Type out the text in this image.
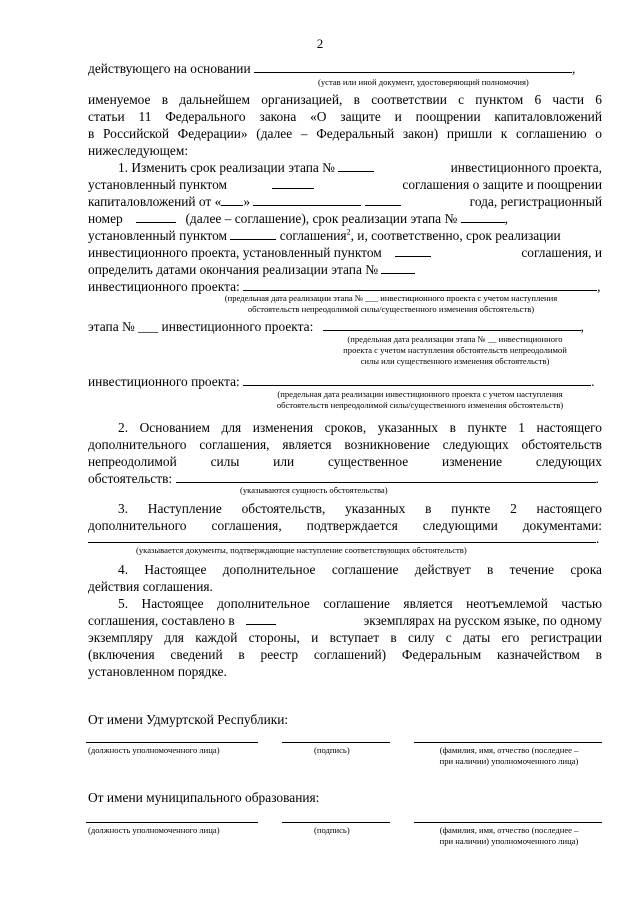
2
действующего на основании	,
(устав или иной документ, удостоверяющий полномочия)
именуемое в дальнейшем организацией, в соответствии с пунктом 6 части 6
статьи 11 Федерального закона «О защите и поощрении капиталовложений
в Российской Федерации» (далее – Федеральный закон) пришли к соглашению о
нижеследующем:
1. Изменить срок реализации этапа №	инвестиционного проекта,
установленный пунктом	соглашения о защите и поощрении
капиталовложений от « »	года, регистрационный
номер	(далее – соглашение), срок реализации этапа №	,
установленный пунктом	соглашения$^2$, и, соответственно, срок реализации
инвестиционного проекта, установленный пунктом	соглашения, и
определить датами окончания реализации этапа №
инвестиционного проекта:	,
(предельная дата реализации этапа № ___ инвестиционного проекта с учетом наступления
обстоятельств непреодолимой силы/существенного изменения обстоятельств)
этапа № ___ инвестиционного проекта:	,
(предельная дата реализации этапа № __ инвестиционного
проекта с учетом наступления обстоятельств непреодолимой
силы или существенного изменения обстоятельств)
инвестиционного проекта:	.
(предельная дата реализации инвестиционного проекта с учетом наступления
обстоятельств непреодолимой силы/существенного изменения обстоятельств)
2. Основанием для изменения сроков, указанных в пункте 1 настоящего
дополнительного соглашения, является возникновение следующих обстоятельств
непреодолимой силы или существенное изменение следующих
обстоятельств:	.
(указываются сущность обстоятельства)
3. Наступление обстоятельств, указанных в пункте 2 настоящего
дополнительного соглашения, подтверждается следующими документами:
.
(указывается документы, подтверждающие наступление соответствующих обстоятельств)
4. Настоящее дополнительное соглашение действует в течение срока
действия соглашения.
5. Настоящее дополнительное соглашение является неотъемлемой частью
соглашения, составлено в	экземплярах на русском языке, по одному
экземпляру для каждой стороны, и вступает в силу с даты его регистрации
(включения сведений в реестр соглашений) Федеральным казначейством в
установленном порядке.
От имени Удмуртской Республики:
(должность уполномоченного лица)	(подпись)	(фамилия, имя, отчество (последнее –
при наличии) уполномоченного лица)
От имени муниципального образования:
(должность уполномоченного лица)	(подпись)	(фамилия, имя, отчество (последнее –
при наличии) уполномоченного лица)
